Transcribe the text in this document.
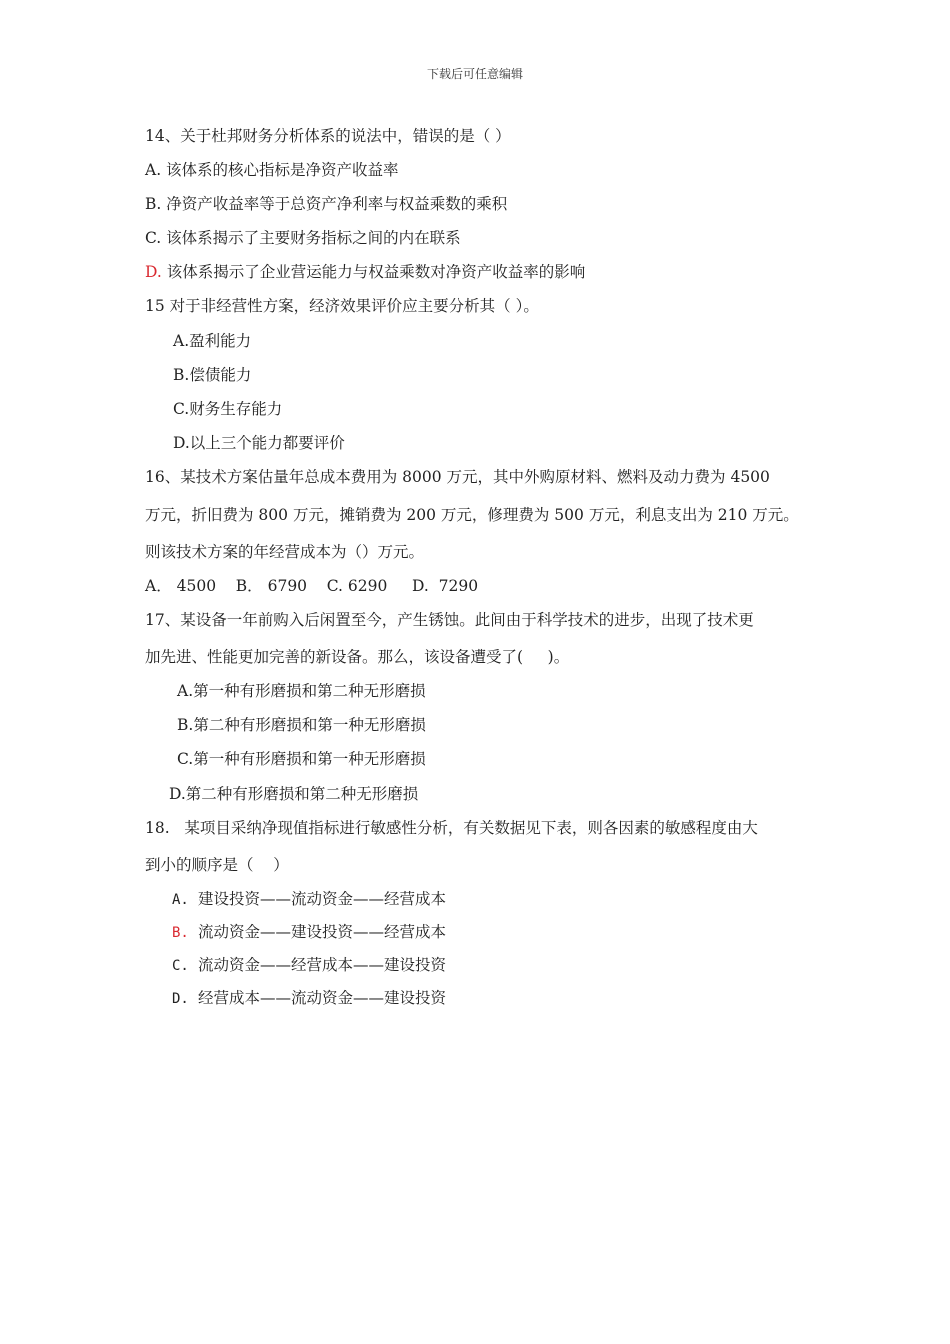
下载后可任意编辑
14、关于杜邦财务分析体系的说法中，错误的是（ ）
A. 该体系的核心指标是净资产收益率
B. 净资产收益率等于总资产净利率与权益乘数的乘积
C. 该体系揭示了主要财务指标之间的内在联系
D. 该体系揭示了企业营运能力与权益乘数对净资产收益率的影响
15 对于非经营性方案，经济效果评价应主要分析其（ ）。
A.盈利能力
B.偿债能力
C.财务生存能力
D.以上三个能力都要评价
16、某技术方案估量年总成本费用为 8000 万元，其中外购原材料、燃料及动力费为 4500
万元，折旧费为 800 万元，摊销费为 200 万元，修理费为 500 万元，利息支出为 210 万元。
则该技术方案的年经营成本为（）万元。
A． 4500    B． 6790    C. 6290     D.  7290
17、某设备一年前购入后闲置至今，产生锈蚀。此间由于科学技术的进步，出现了技术更
加先进、性能更加完善的新设备。那么，该设备遭受了(     )。
A.第一种有形磨损和第二种无形磨损
B.第二种有形磨损和第一种无形磨损
C.第一种有形磨损和第一种无形磨损
D.第二种有形磨损和第二种无形磨损
18.   某项目采纳净现值指标进行敏感性分析，有关数据见下表，则各因素的敏感程度由大
到小的顺序是（    ）
A. 建设投资——流动资金——经营成本
B. 流动资金——建设投资——经营成本
C. 流动资金——经营成本——建设投资
D. 经营成本——流动资金——建设投资
